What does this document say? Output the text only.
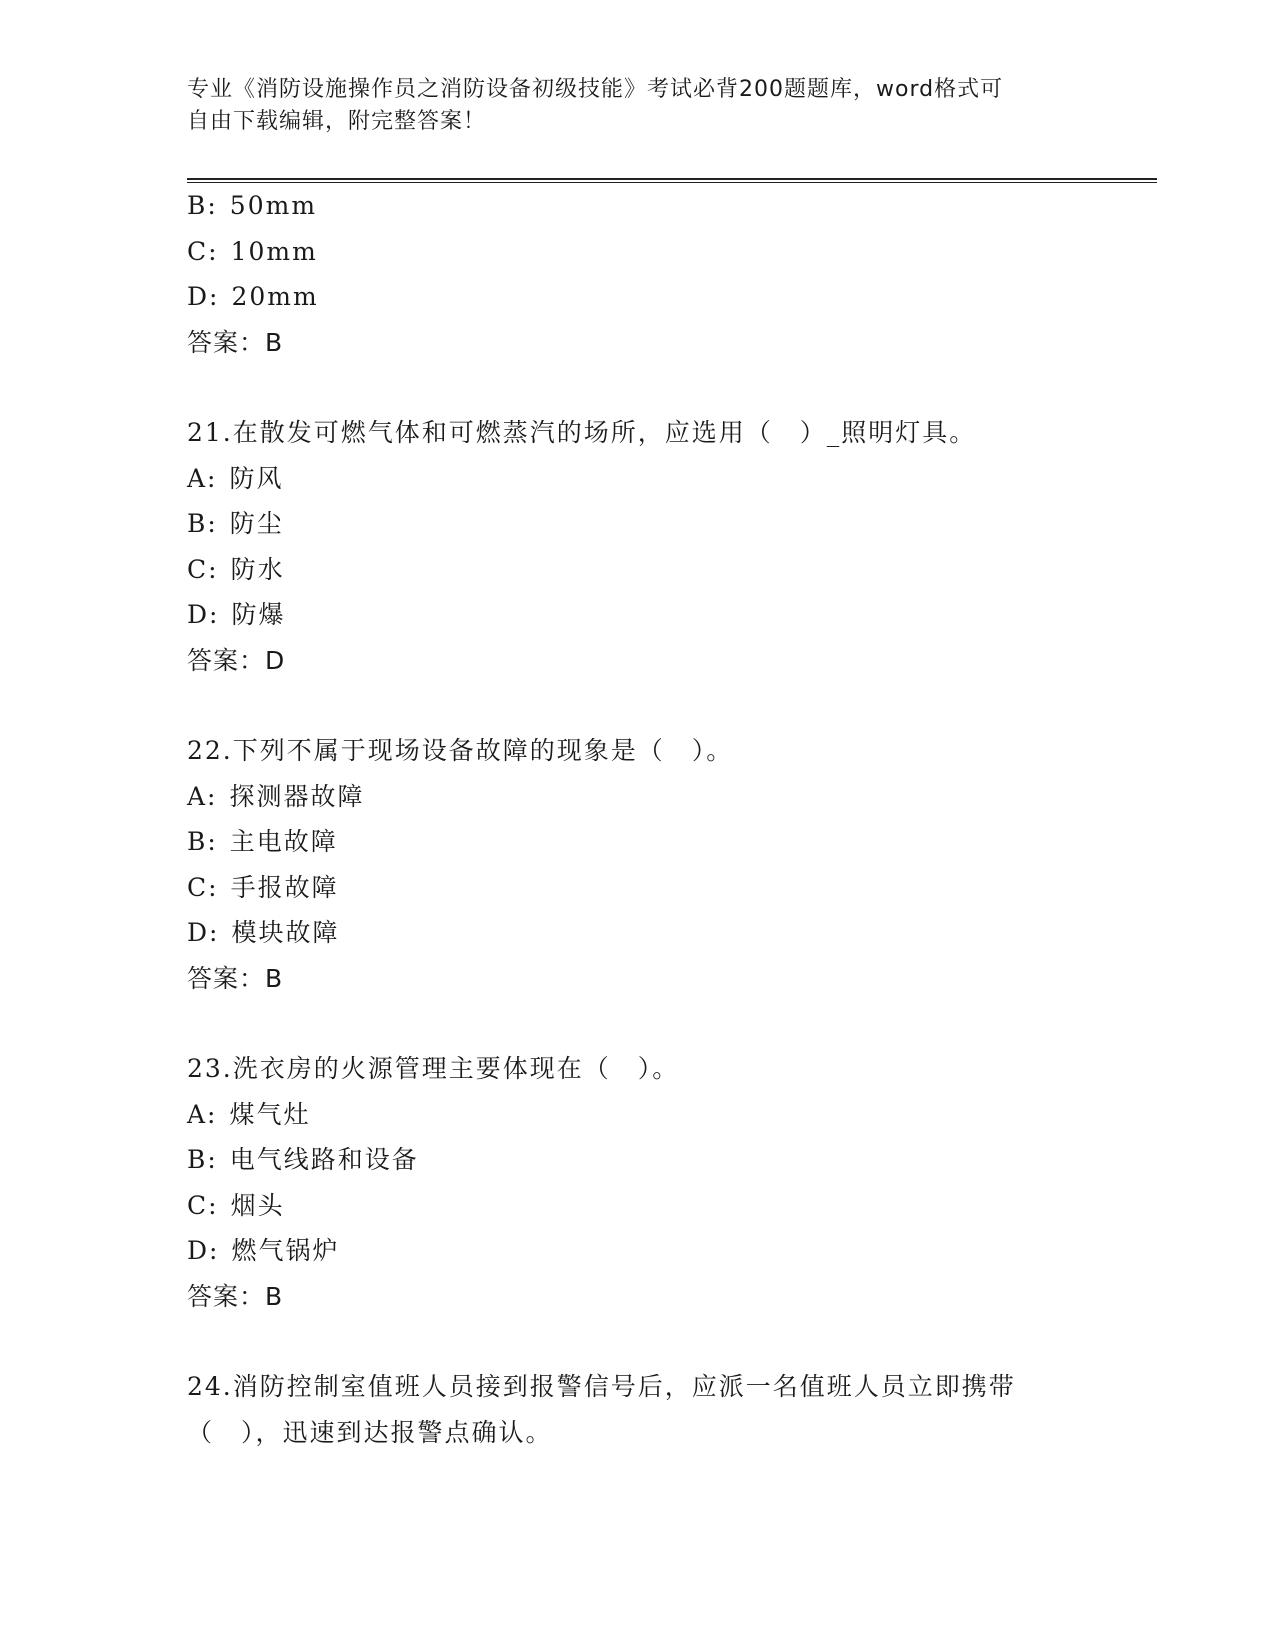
专业《消防设施操作员之消防设备初级技能》考试必背200题题库，word格式可
自由下载编辑，附完整答案！
B: 50mm
C: 10mm
D: 20mm
答案：B
21.在散发可燃气体和可燃蒸汽的场所，应选用（　）_照明灯具。
A: 防风
B: 防尘
C: 防水
D: 防爆
答案：D
22.下列不属于现场设备故障的现象是（　）。
A: 探测器故障
B: 主电故障
C: 手报故障
D: 模块故障
答案：B
23.洗衣房的火源管理主要体现在（　）。
A: 煤气灶
B: 电气线路和设备
C: 烟头
D: 燃气锅炉
答案：B
24.消防控制室值班人员接到报警信号后，应派一名值班人员立即携带
（　），迅速到达报警点确认。
